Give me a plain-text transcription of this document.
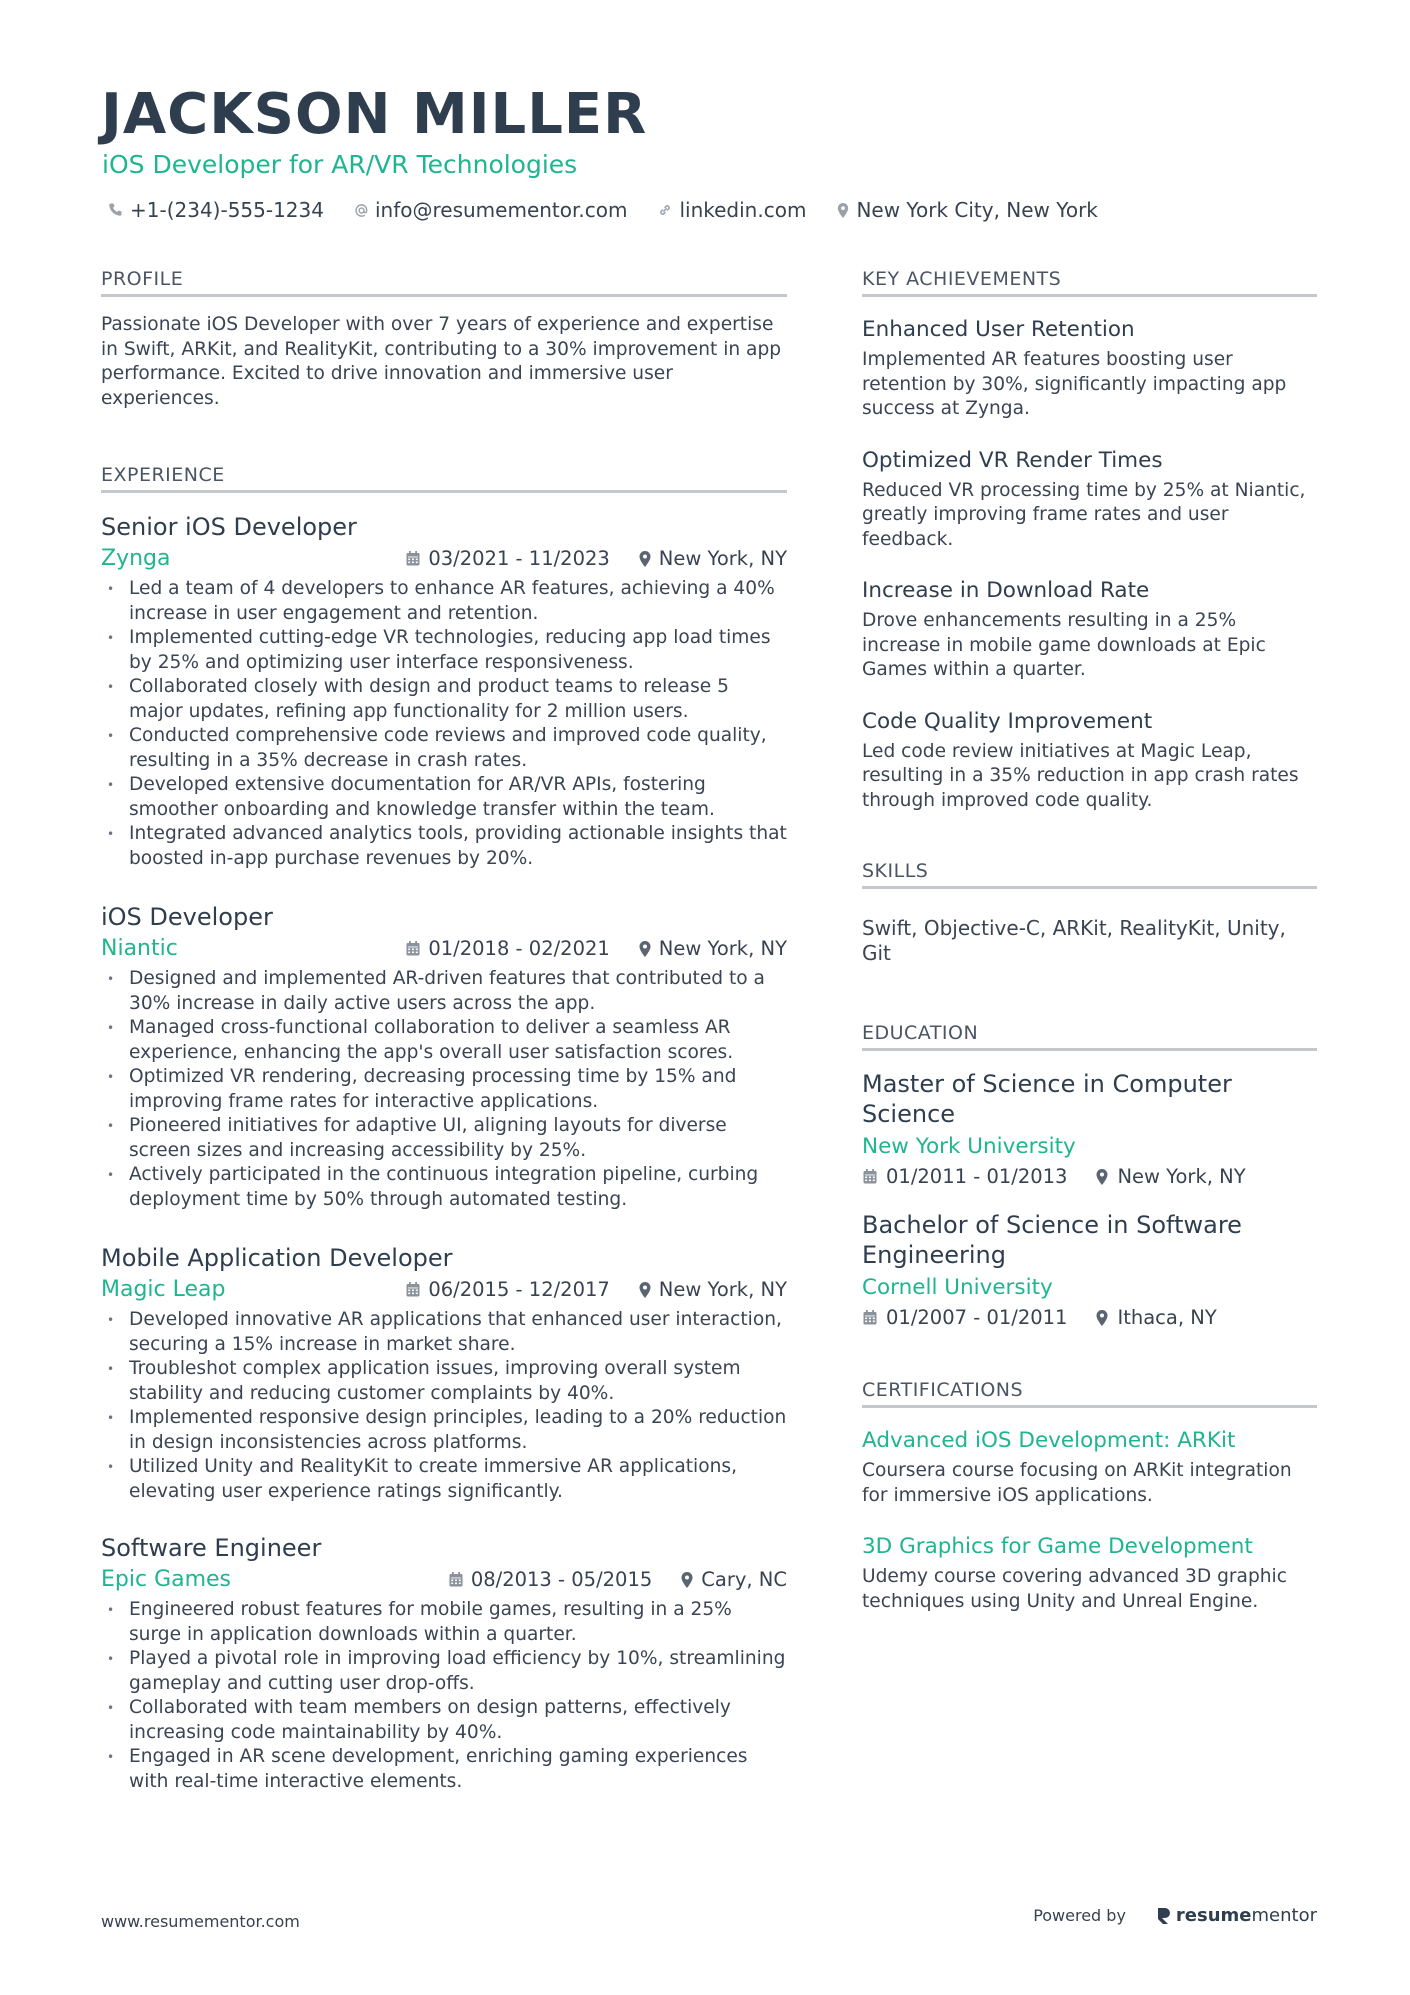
JACKSON MILLER
iOS Developer for AR/VR Technologies
+1-(234)-555-1234	info@resumementor.com	linkedin.com	New York City, New York
PROFILE

Passionate iOS Developer with over 7 years of experience and expertise in Swift, ARKit, and RealityKit, contributing to a 30% improvement in app performance. Excited to drive innovation and immersive user experiences.

EXPERIENCE
Senior iOS Developer
Zynga	03/2021 - 11/2023	New York, NY
• Led a team of 4 developers to enhance AR features, achieving a 40% increase in user engagement and retention.
• Implemented cutting-edge VR technologies, reducing app load times by 25% and optimizing user interface responsiveness.
• Collaborated closely with design and product teams to release 5 major updates, refining app functionality for 2 million users.
• Conducted comprehensive code reviews and improved code quality, resulting in a 35% decrease in crash rates.
• Developed extensive documentation for AR/VR APIs, fostering smoother onboarding and knowledge transfer within the team.
• Integrated advanced analytics tools, providing actionable insights that boosted in-app purchase revenues by 20%.
iOS Developer
Niantic	01/2018 - 02/2021	New York, NY
• Designed and implemented AR-driven features that contributed to a 30% increase in daily active users across the app.
• Managed cross-functional collaboration to deliver a seamless AR experience, enhancing the app's overall user satisfaction scores.
• Optimized VR rendering, decreasing processing time by 15% and improving frame rates for interactive applications.
• Pioneered initiatives for adaptive UI, aligning layouts for diverse screen sizes and increasing accessibility by 25%.
• Actively participated in the continuous integration pipeline, curbing deployment time by 50% through automated testing.
Mobile Application Developer
Magic Leap	06/2015 - 12/2017	New York, NY
• Developed innovative AR applications that enhanced user interaction, securing a 15% increase in market share.
• Troubleshot complex application issues, improving overall system stability and reducing customer complaints by 40%.
• Implemented responsive design principles, leading to a 20% reduction in design inconsistencies across platforms.
• Utilized Unity and RealityKit to create immersive AR applications, elevating user experience ratings significantly.
Software Engineer
Epic Games	08/2013 - 05/2015	Cary, NC
• Engineered robust features for mobile games, resulting in a 25% surge in application downloads within a quarter.
• Played a pivotal role in improving load efficiency by 10%, streamlining gameplay and cutting user drop-offs.
• Collaborated with team members on design patterns, effectively increasing code maintainability by 40%.
• Engaged in AR scene development, enriching gaming experiences with real-time interactive elements.
KEY ACHIEVEMENTS
Enhanced User Retention
Implemented AR features boosting user retention by 30%, significantly impacting app success at Zynga.
Optimized VR Render Times
Reduced VR processing time by 25% at Niantic, greatly improving frame rates and user feedback.
Increase in Download Rate
Drove enhancements resulting in a 25% increase in mobile game downloads at Epic Games within a quarter.
Code Quality Improvement
Led code review initiatives at Magic Leap, resulting in a 35% reduction in app crash rates through improved code quality.
SKILLS

Swift, Objective-C, ARKit, RealityKit, Unity, Git

EDUCATION
Master of Science in Computer Science
New York University
01/2011 - 01/2013	New York, NY
Bachelor of Science in Software Engineering
Cornell University
01/2007 - 01/2011	Ithaca, NY
CERTIFICATIONS
Advanced iOS Development: ARKit
Coursera course focusing on ARKit integration for immersive iOS applications.
3D Graphics for Game Development
Udemy course covering advanced 3D graphic techniques using Unity and Unreal Engine.
www.resumementor.com	Powered by	resume mentor
